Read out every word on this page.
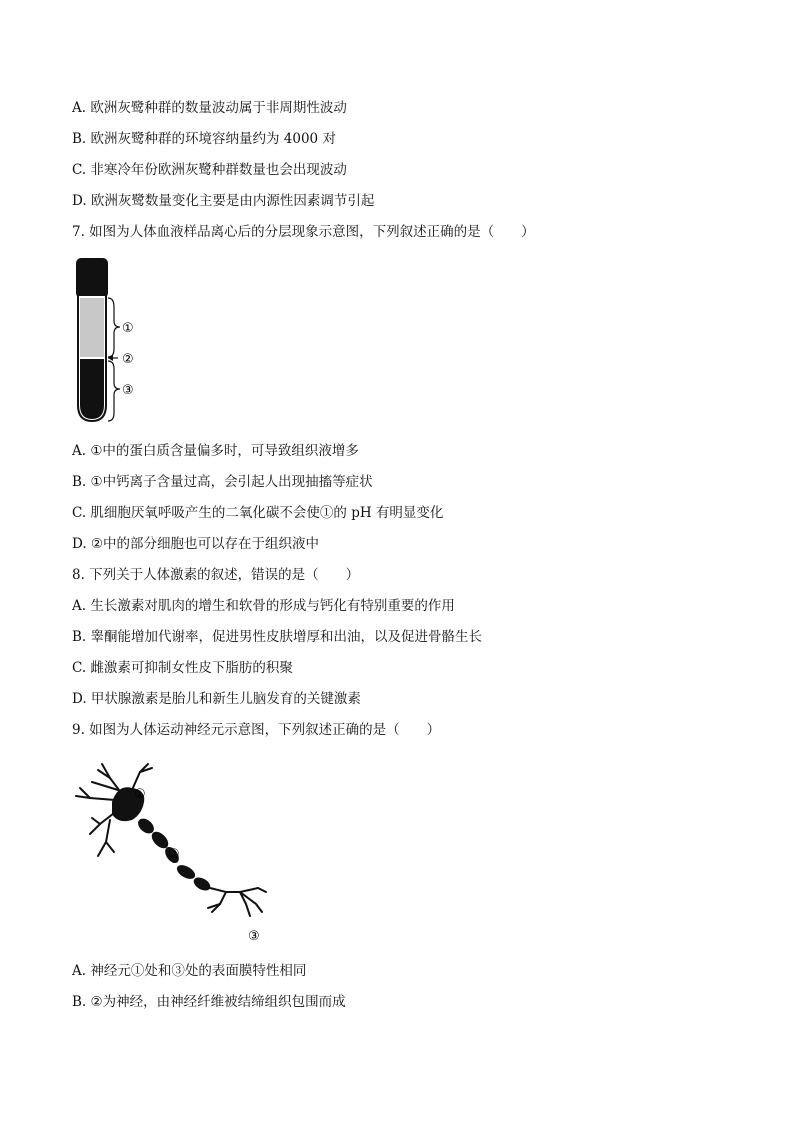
A. 欧洲灰鹭种群的数量波动属于非周期性波动
B. 欧洲灰鹭种群的环境容纳量约为 4000 对
C. 非寒冷年份欧洲灰鹭种群数量也会出现波动
D. 欧洲灰鹭数量变化主要是由内源性因素调节引起
7. 如图为人体血液样品离心后的分层现象示意图，下列叙述正确的是（　　）
①
②
③
A. ①中的蛋白质含量偏多时，可导致组织液增多
B. ①中钙离子含量过高，会引起人出现抽搐等症状
C. 肌细胞厌氧呼吸产生的二氧化碳不会使①的 pH 有明显变化
D. ②中的部分细胞也可以存在于组织液中
8. 下列关于人体激素的叙述，错误的是（　　）
A. 生长激素对肌肉的增生和软骨的形成与钙化有特别重要的作用
B. 睾酮能增加代谢率，促进男性皮肤增厚和出油，以及促进骨骼生长
C. 雌激素可抑制女性皮下脂肪的积聚
D. 甲状腺激素是胎儿和新生儿脑发育的关键激素
9. 如图为人体运动神经元示意图，下列叙述正确的是（　　）
①
②
③
A. 神经元①处和③处的表面膜特性相同
B. ②为神经，由神经纤维被结缔组织包围而成
